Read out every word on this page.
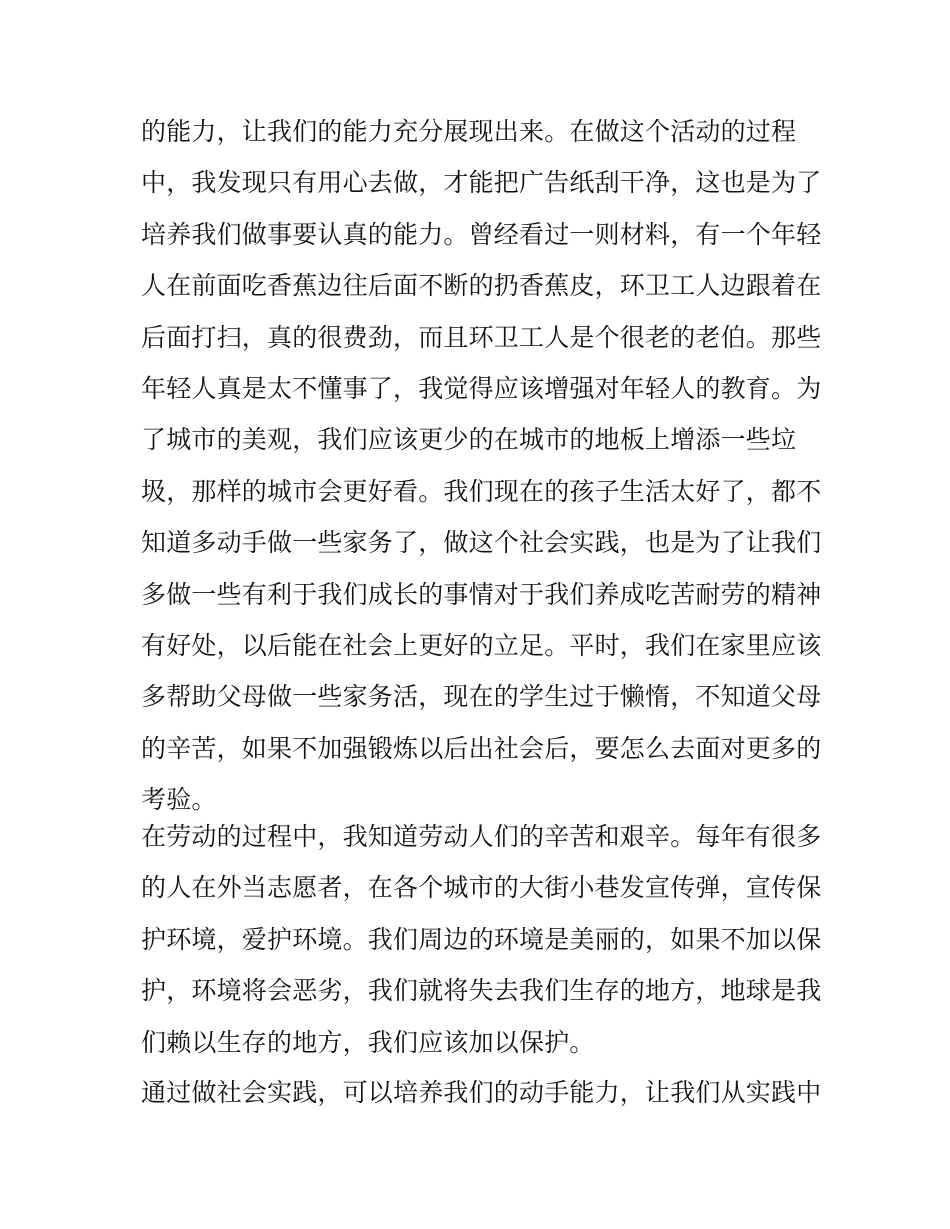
的能力，让我们的能力充分展现出来。在做这个活动的过程
中，我发现只有用心去做，才能把广告纸刮干净，这也是为了
培养我们做事要认真的能力。曾经看过一则材料，有一个年轻
人在前面吃香蕉边往后面不断的扔香蕉皮，环卫工人边跟着在
后面打扫，真的很费劲，而且环卫工人是个很老的老伯。那些
年轻人真是太不懂事了，我觉得应该增强对年轻人的教育。为
了城市的美观，我们应该更少的在城市的地板上增添一些垃
圾，那样的城市会更好看。我们现在的孩子生活太好了，都不
知道多动手做一些家务了，做这个社会实践，也是为了让我们
多做一些有利于我们成长的事情对于我们养成吃苦耐劳的精神
有好处，以后能在社会上更好的立足。平时，我们在家里应该
多帮助父母做一些家务活，现在的学生过于懒惰，不知道父母
的辛苦，如果不加强锻炼以后出社会后，要怎么去面对更多的
考验。
在劳动的过程中，我知道劳动人们的辛苦和艰辛。每年有很多
的人在外当志愿者，在各个城市的大街小巷发宣传弹，宣传保
护环境，爱护环境。我们周边的环境是美丽的，如果不加以保
护，环境将会恶劣，我们就将失去我们生存的地方，地球是我
们赖以生存的地方，我们应该加以保护。
通过做社会实践，可以培养我们的动手能力，让我们从实践中
